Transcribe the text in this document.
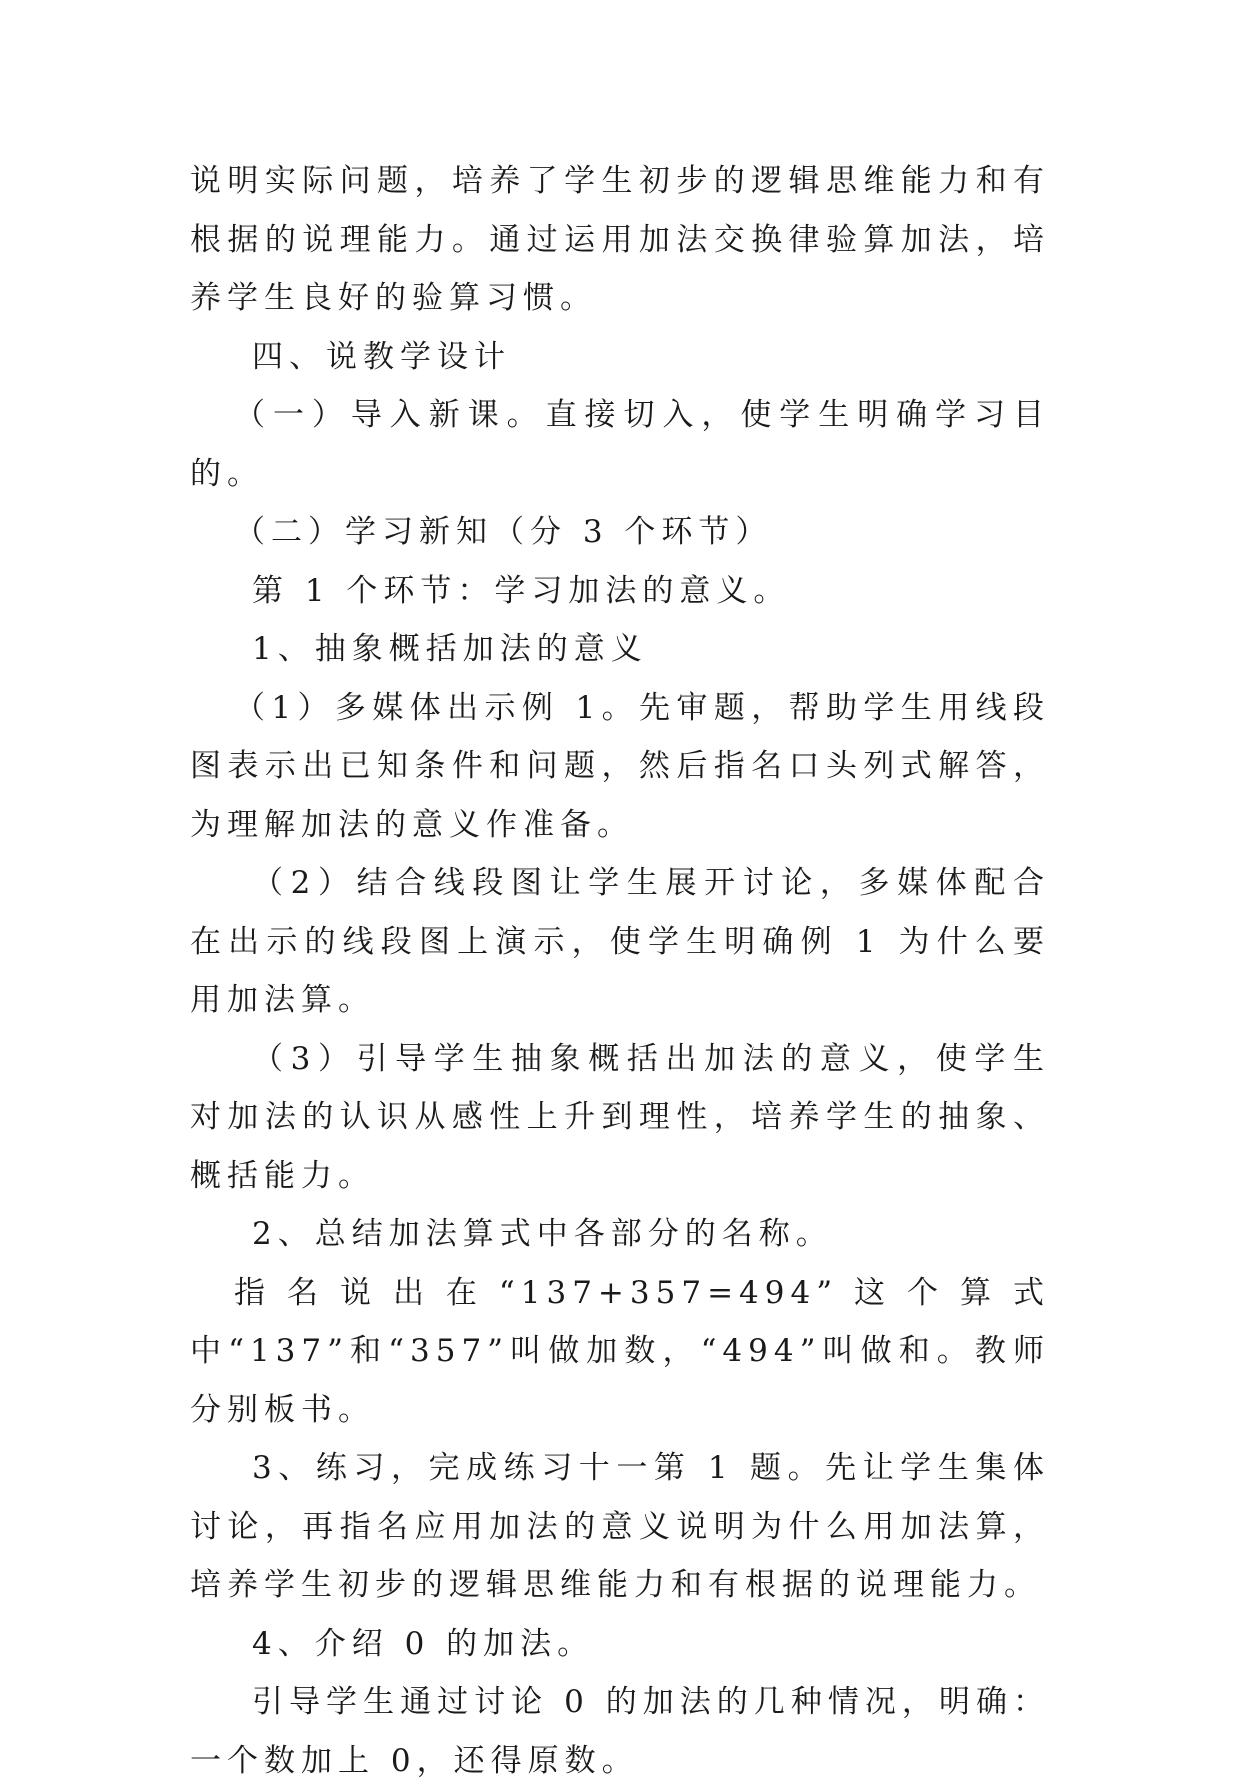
说明实际问题，培养了学生初步的逻辑思维能力和有根据的说理能力。通过运用加法交换律验算加法，培养学生良好的验算习惯。

四、说教学设计

（一）导入新课。直接切入，使学生明确学习目的。

（二）学习新知（分 3 个环节）

第 1 个环节：学习加法的意义。

1、抽象概括加法的意义

（1）多媒体出示例 1。先审题，帮助学生用线段图表示出已知条件和问题，然后指名口头列式解答，为理解加法的意义作准备。

（2）结合线段图让学生展开讨论，多媒体配合在出示的线段图上演示，使学生明确例 1 为什么要用加法算。

（3）引导学生抽象概括出加法的意义，使学生对加法的认识从感性上升到理性，培养学生的抽象、概括能力。

2、总结加法算式中各部分的名称。

指名说出在“137+357=494”这个算式中“137”和“357”叫做加数，“494”叫做和。教师分别板书。

3、练习，完成练习十一第 1 题。先让学生集体讨论，再指名应用加法的意义说明为什么用加法算，培养学生初步的逻辑思维能力和有根据的说理能力。

4、介绍 0 的加法。

引导学生通过讨论 0 的加法的几种情况，明确：一个数加上 0，还得原数。
